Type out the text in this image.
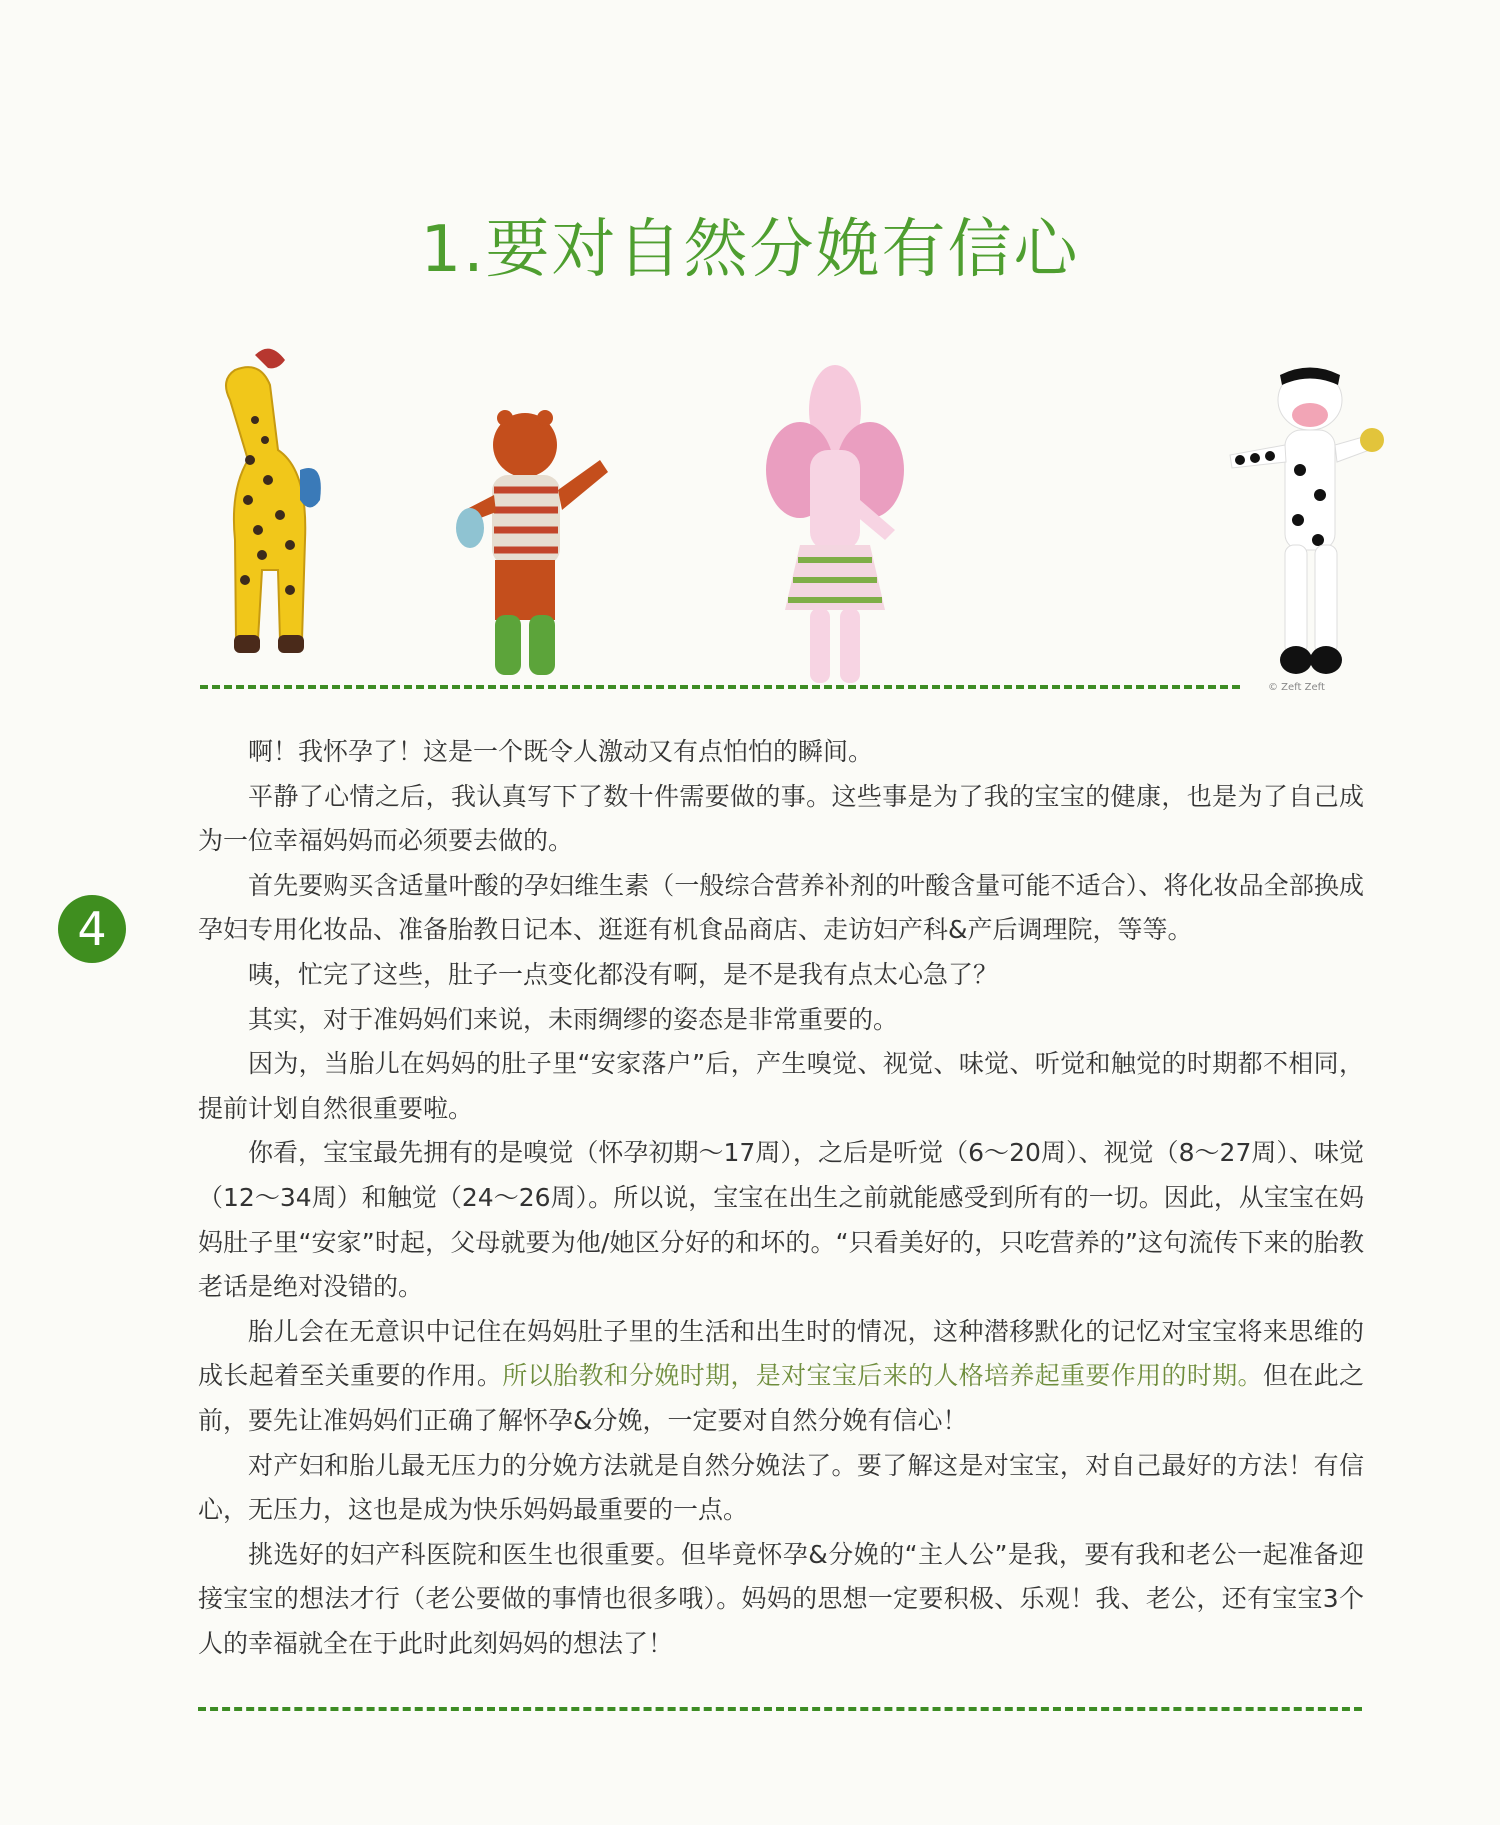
1.要对自然分娩有信心
© Zeft Zeft
4

啊！我怀孕了！这是一个既令人激动又有点怕怕的瞬间。

平静了心情之后，我认真写下了数十件需要做的事。这些事是为了我的宝宝的健康，也是为了自己成为一位幸福妈妈而必须要去做的。

首先要购买含适量叶酸的孕妇维生素（一般综合营养补剂的叶酸含量可能不适合）、将化妆品全部换成孕妇专用化妆品、准备胎教日记本、逛逛有机食品商店、走访妇产科&产后调理院，等等。

咦，忙完了这些，肚子一点变化都没有啊，是不是我有点太心急了？

其实，对于准妈妈们来说，未雨绸缪的姿态是非常重要的。

因为，当胎儿在妈妈的肚子里“安家落户”后，产生嗅觉、视觉、味觉、听觉和触觉的时期都不相同，提前计划自然很重要啦。

你看，宝宝最先拥有的是嗅觉（怀孕初期～17周），之后是听觉（6～20周）、视觉（8～27周）、味觉（12～34周）和触觉（24～26周）。所以说，宝宝在出生之前就能感受到所有的一切。因此，从宝宝在妈妈肚子里“安家”时起，父母就要为他/她区分好的和坏的。“只看美好的，只吃营养的”这句流传下来的胎教老话是绝对没错的。

胎儿会在无意识中记住在妈妈肚子里的生活和出生时的情况，这种潜移默化的记忆对宝宝将来思维的成长起着至关重要的作用。所以胎教和分娩时期，是对宝宝后来的人格培养起重要作用的时期。但在此之前，要先让准妈妈们正确了解怀孕&分娩，一定要对自然分娩有信心！

对产妇和胎儿最无压力的分娩方法就是自然分娩法了。要了解这是对宝宝，对自己最好的方法！有信心，无压力，这也是成为快乐妈妈最重要的一点。

挑选好的妇产科医院和医生也很重要。但毕竟怀孕&分娩的“主人公”是我，要有我和老公一起准备迎接宝宝的想法才行（老公要做的事情也很多哦）。妈妈的思想一定要积极、乐观！我、老公，还有宝宝3个人的幸福就全在于此时此刻妈妈的想法了！
